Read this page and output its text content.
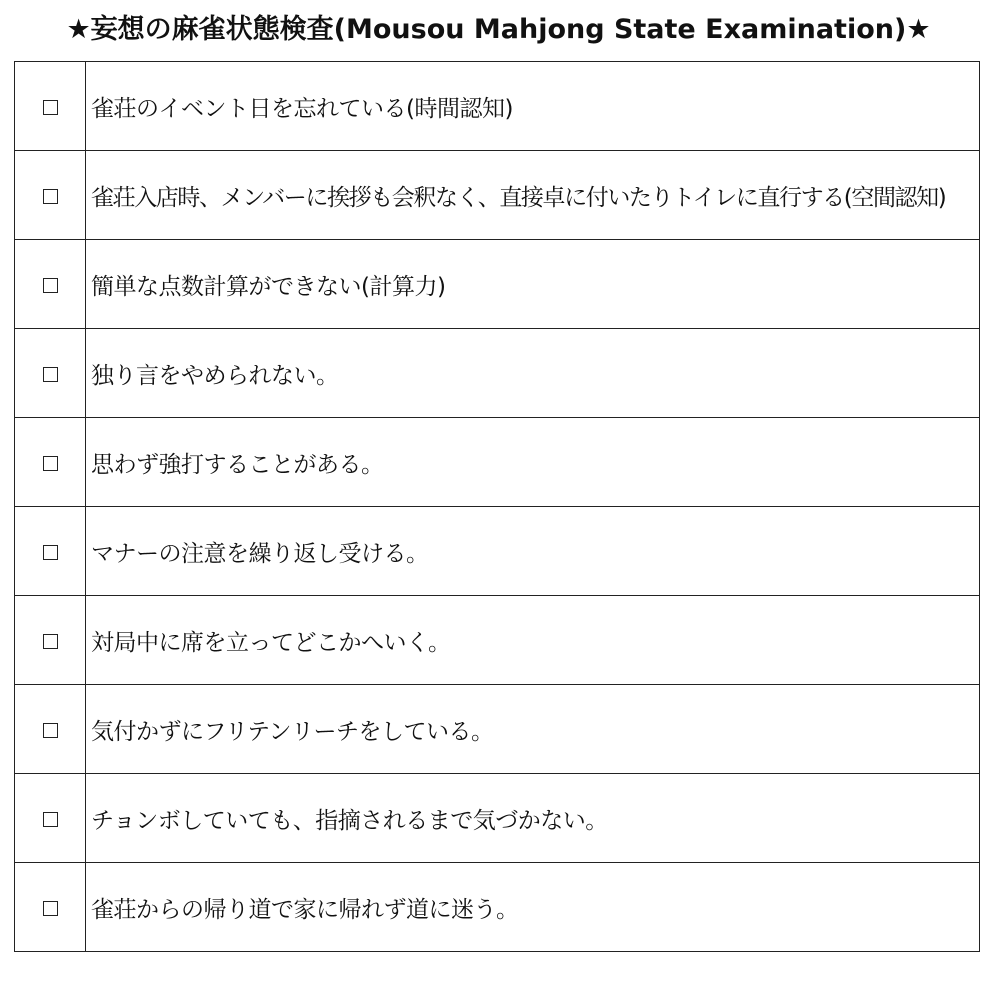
★妄想の麻雀状態検査(Mousou Mahjong State Examination)★
	雀荘のイベント日を忘れている(時間認知)
	雀荘入店時、メンバーに挨拶も会釈なく、直接卓に付いたりトイレに直行する(空間認知)
	簡単な点数計算ができない(計算力)
	独り言をやめられない。
	思わず強打することがある。
	マナーの注意を繰り返し受ける。
	対局中に席を立ってどこかへいく。
	気付かずにフリテンリーチをしている。
	チョンボしていても、指摘されるまで気づかない。
	雀荘からの帰り道で家に帰れず道に迷う。
